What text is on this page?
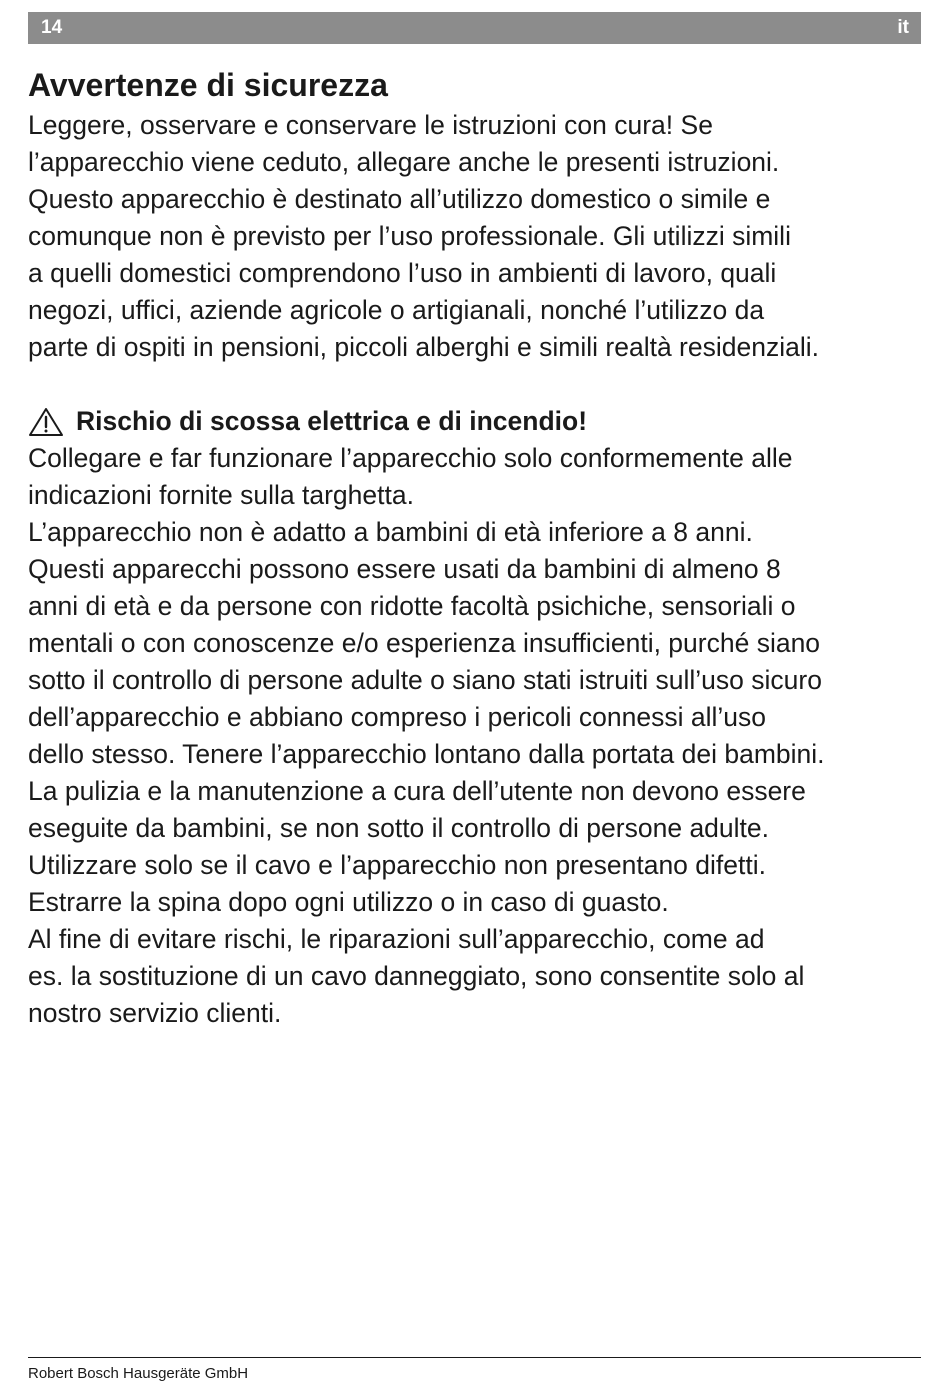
14	it
Avvertenze di sicurezza

Leggere, osservare e conservare le istruzioni con cura! Se
l’apparecchio viene ceduto, allegare anche le presenti istruzioni.
Questo apparecchio è destinato all’utilizzo domestico o simile e
comunque non è previsto per l’uso professionale. Gli utilizzi simili
a quelli domestici comprendono l’uso in ambienti di lavoro, quali
negozi, uffici, aziende agricole o artigianali, nonché l’utilizzo da
parte di ospiti in pensioni, piccoli alberghi e simili realtà residenziali.

Rischio di scossa elettrica e di incendio!

Collegare e far funzionare l’apparecchio solo conformemente alle
indicazioni fornite sulla targhetta.
L’apparecchio non è adatto a bambini di età inferiore a 8 anni.
Questi apparecchi possono essere usati da bambini di almeno 8
anni di età e da persone con ridotte facoltà psichiche, sensoriali o
mentali o con conoscenze e/o esperienza insufficienti, purché siano
sotto il controllo di persone adulte o siano stati istruiti sull’uso sicuro
dell’apparecchio e abbiano compreso i pericoli connessi all’uso
dello stesso. Tenere l’apparecchio lontano dalla portata dei bambini.
La pulizia e la manutenzione a cura dell’utente non devono essere
eseguite da bambini, se non sotto il controllo di persone adulte.
Utilizzare solo se il cavo e l’apparecchio non presentano difetti.
Estrarre la spina dopo ogni utilizzo o in caso di guasto.
Al fine di evitare rischi, le riparazioni sull’apparecchio, come ad
es. la sostituzione di un cavo danneggiato, sono consentite solo al
nostro servizio clienti.

Robert Bosch Hausgeräte GmbH
